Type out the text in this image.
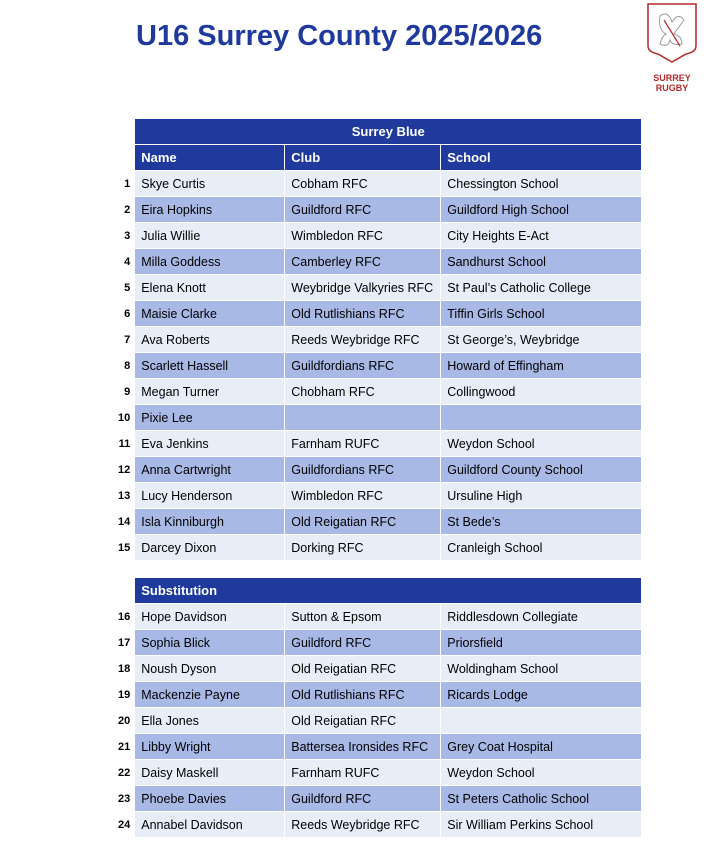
U16 Surrey County 2025/2026
SURREY RUGBY
	Surrey Blue		
	Name	Club	School
1	Skye Curtis	Cobham RFC	Chessington School
2	Eira Hopkins	Guildford RFC	Guildford High School
3	Julia Willie	Wimbledon RFC	City Heights E-Act
4	Milla Goddess	Camberley RFC	Sandhurst School
5	Elena Knott	Weybridge Valkyries RFC	St Paul’s Catholic College
6	Maisie Clarke	Old Rutlishians RFC	Tiffin Girls School
7	Ava Roberts	Reeds Weybridge RFC	St George’s, Weybridge
8	Scarlett Hassell	Guildfordians RFC	Howard of Effingham
9	Megan Turner	Chobham RFC	Collingwood
10	Pixie Lee		
11	Eva Jenkins	Farnham RUFC	Weydon School
12	Anna Cartwright	Guildfordians RFC	Guildford County School
13	Lucy Henderson	Wimbledon RFC	Ursuline High
14	Isla Kinniburgh	Old Reigatian RFC	St Bede’s
15	Darcey Dixon	Dorking RFC	Cranleigh School
	Substitution		
16	Hope Davidson	Sutton & Epsom	Riddlesdown Collegiate
17	Sophia Blick	Guildford RFC	Priorsfield
18	Noush Dyson	Old Reigatian RFC	Woldingham School
19	Mackenzie Payne	Old Rutlishians RFC	Ricards Lodge
20	Ella Jones	Old Reigatian RFC	
21	Libby Wright	Battersea Ironsides RFC	Grey Coat Hospital
22	Daisy Maskell	Farnham RUFC	Weydon School
23	Phoebe Davies	Guildford RFC	St Peters Catholic School
24	Annabel Davidson	Reeds Weybridge RFC	Sir William Perkins School
